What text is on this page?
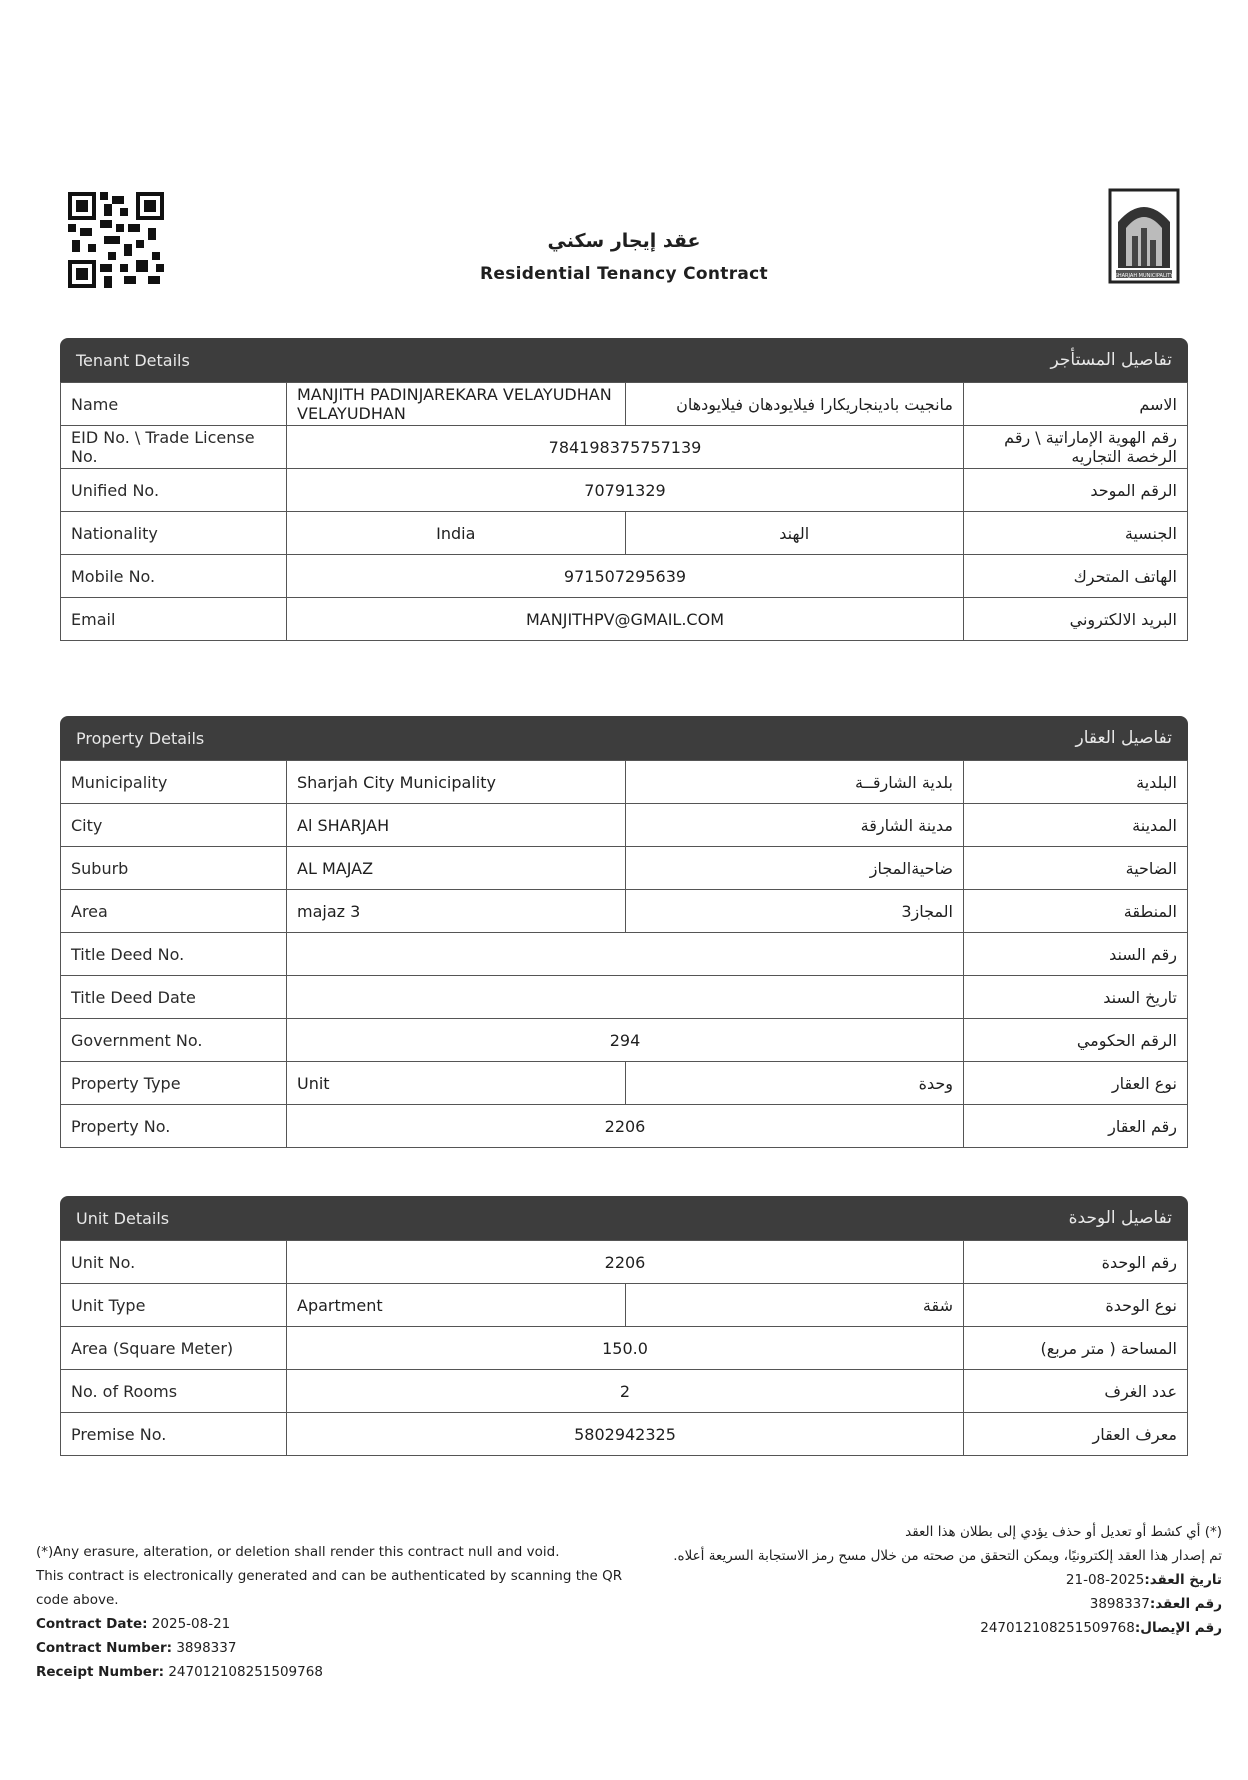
SHARJAH MUNICIPALITY
عقد إيجار سكني
Residential Tenancy Contract
Tenant Details	تفاصيل المستأجر
Name	MANJITH PADINJAREKARA VELAYUDHAN VELAYUDHAN	مانجيت بادينجاريكارا فيلايودهان فيلايودهان	الاسم
EID No. \ Trade License No.	784198375757139		رقم الهوية الإماراتية \ رقم الرخصة التجاريه
Unified No.	70791329		الرقم الموحد
Nationality	India	الهند	الجنسية
Mobile No.	971507295639		الهاتف المتحرك
Email	MANJITHPV@GMAIL.COM		البريد الالكتروني
Property Details	تفاصيل العقار
Municipality	Sharjah City Municipality	بلدية الشارقــة	البلدية
City	Al SHARJAH	مدينة الشارقة	المدينة
Suburb	AL MAJAZ	ضاحيةالمجاز	الضاحية
Area	majaz 3	المجاز3	المنطقة
Title Deed No.			رقم السند
Title Deed Date			تاريخ السند
Government No.	294		الرقم الحكومي
Property Type	Unit	وحدة	نوع العقار
Property No.	2206		رقم العقار
Unit Details	تفاصيل الوحدة
Unit No.	2206		رقم الوحدة
Unit Type	Apartment	شقة	نوع الوحدة
Area (Square Meter)	150.0		المساحة ( متر مربع)
No. of Rooms	2		عدد الغرف
Premise No.	5802942325		معرف العقار
(*)Any erasure, alteration, or deletion shall render this contract null and void.
This contract is electronically generated and can be authenticated by scanning the QR code above.
Contract Date: 2025-08-21
Contract Number: 3898337
Receipt Number: 247012108251509768
(*) أي كشط أو تعديل أو حذف يؤدي إلى بطلان هذا العقد
تم إصدار هذا العقد إلكترونيًا، ويمكن التحقق من صحته من خلال مسح رمز الاستجابة السريعة أعلاه.
تاريخ العقد:2025-08-21
رقم العقد:3898337
رقم الإيصال:247012108251509768
